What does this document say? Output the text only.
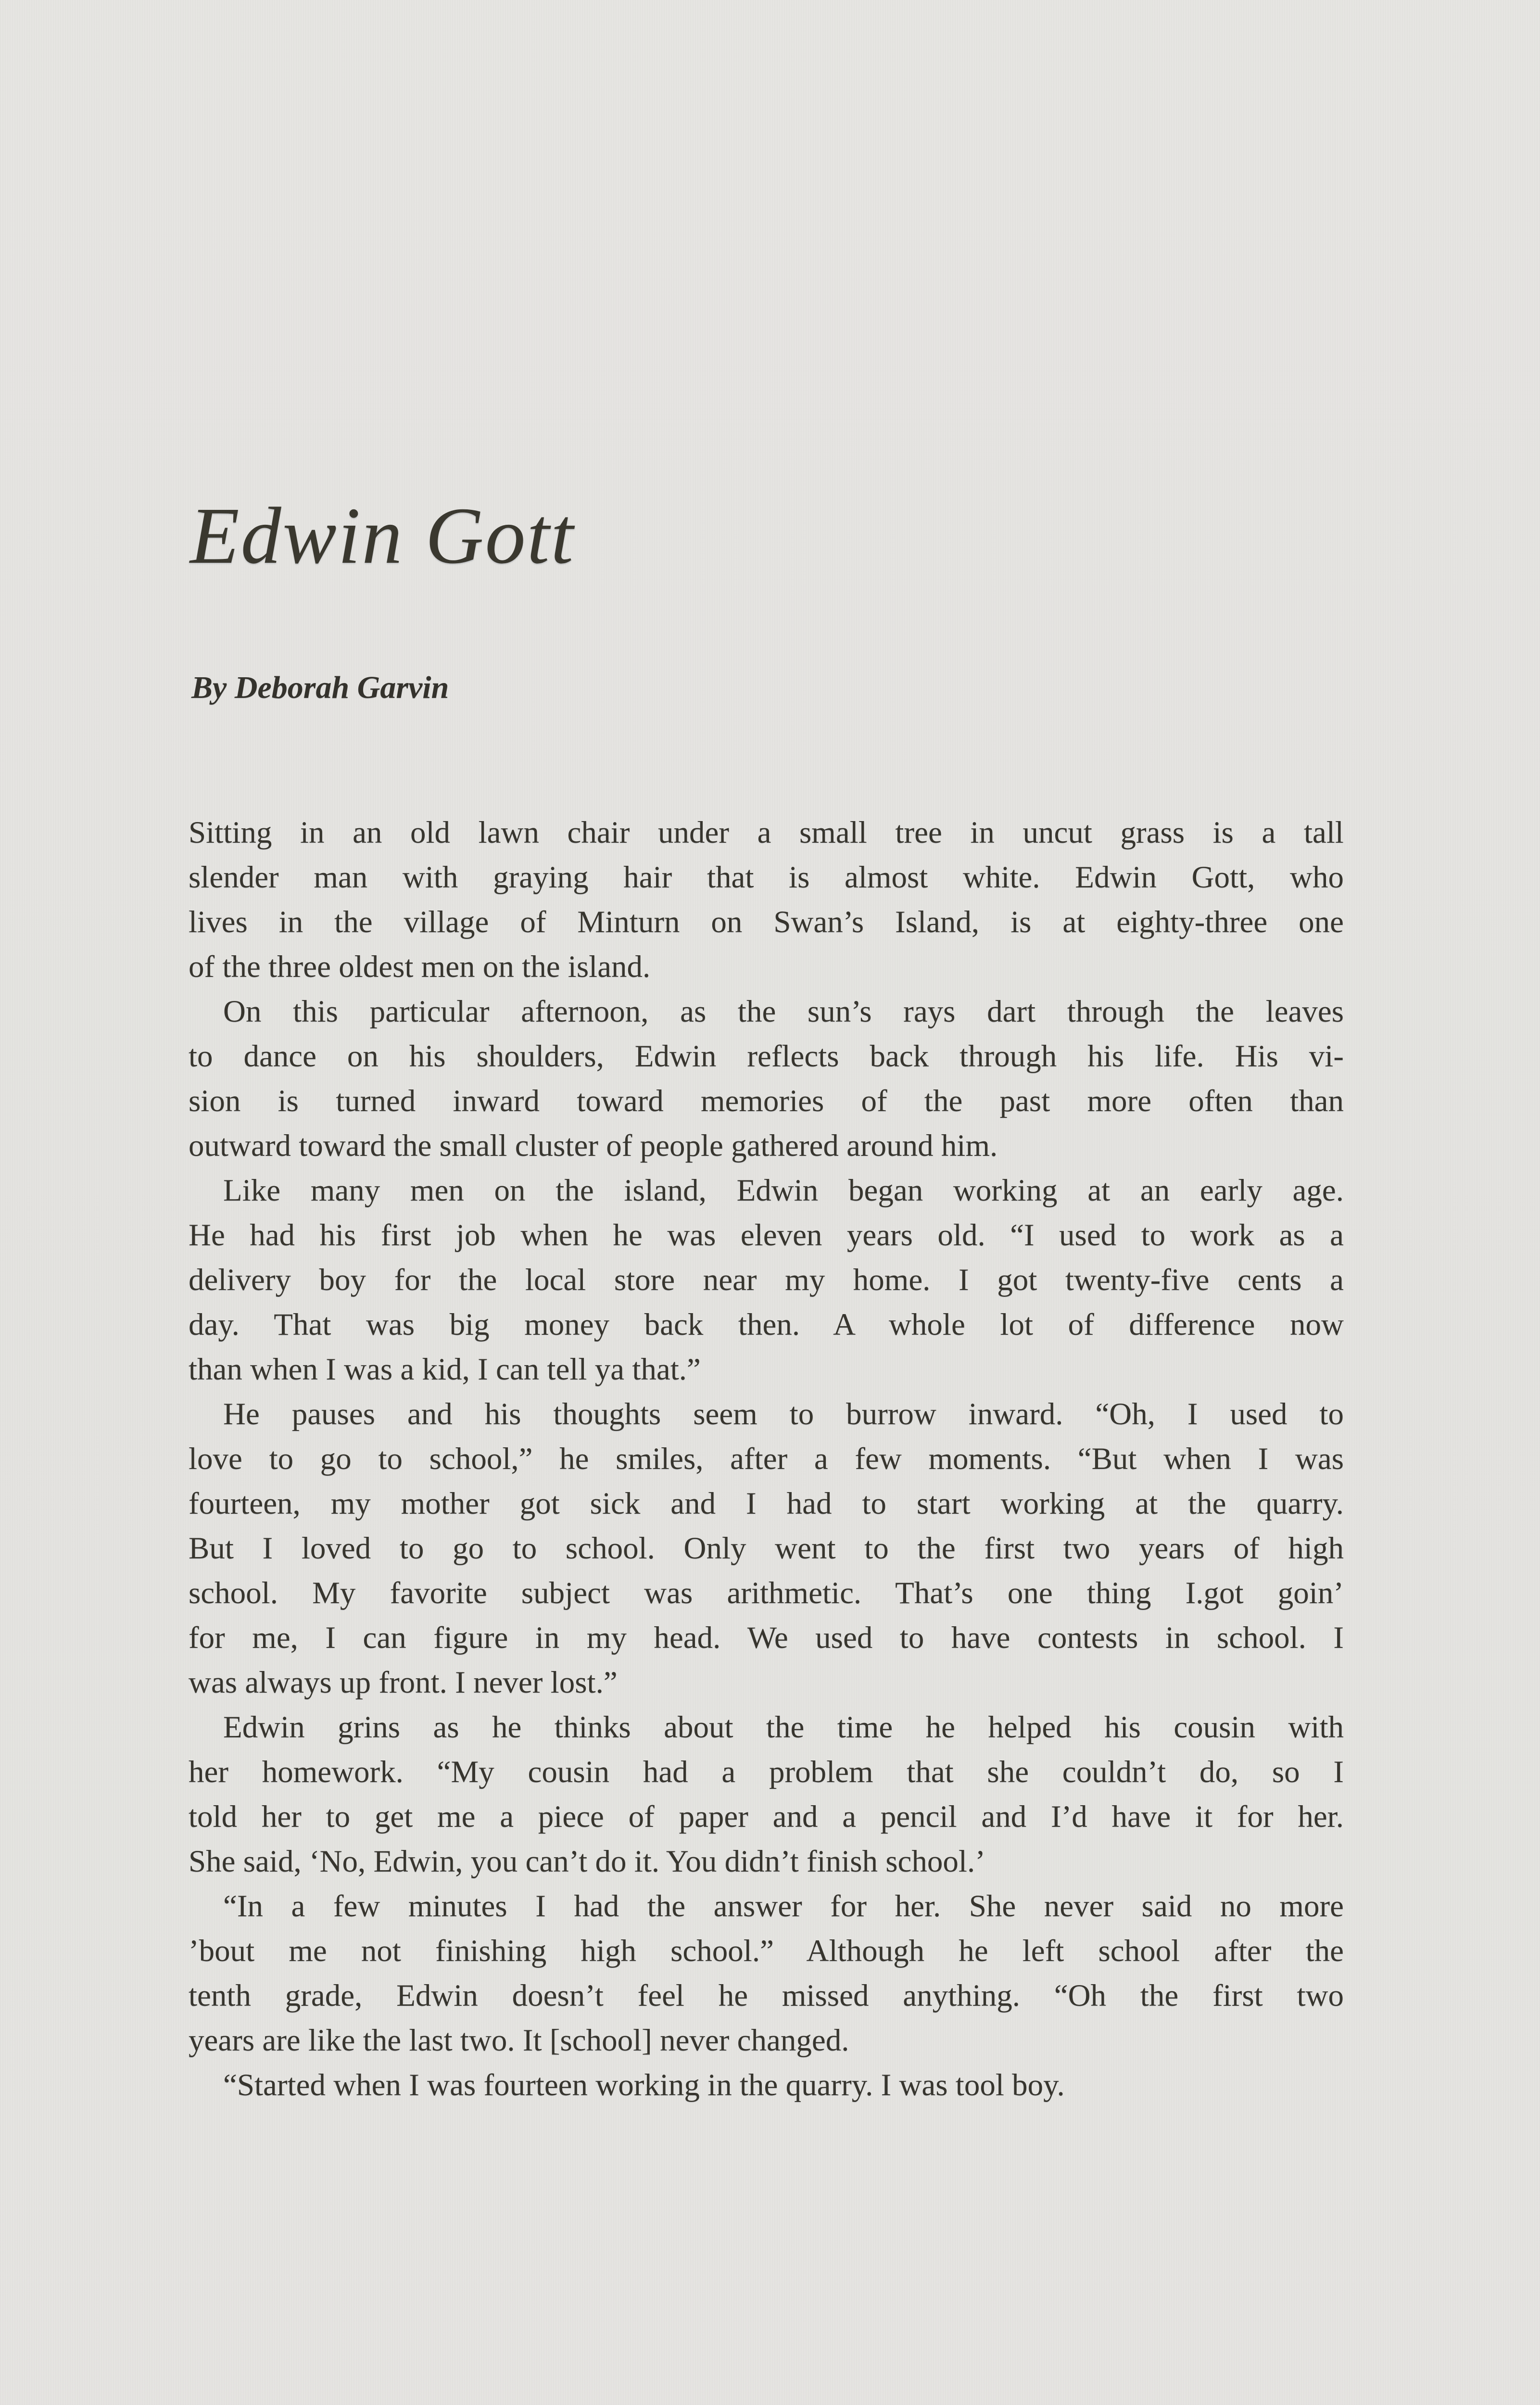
Edwin Gott
By Deborah Garvin
Sitting in an old lawn chair under a small tree in uncut grass is a tall
slender man with graying hair that is almost white. Edwin Gott, who
lives in the village of Minturn on Swan’s Island, is at eighty-three one
of the three oldest men on the island.
On this particular afternoon, as the sun’s rays dart through the leaves
to dance on his shoulders, Edwin reflects back through his life. His vi-
sion is turned inward toward memories of the past more often than
outward toward the small cluster of people gathered around him.
Like many men on the island, Edwin began working at an early age.
He had his first job when he was eleven years old. “I used to work as a
delivery boy for the local store near my home. I got twenty-five cents a
day. That was big money back then. A whole lot of difference now
than when I was a kid, I can tell ya that.”
He pauses and his thoughts seem to burrow inward. “Oh, I used to
love to go to school,” he smiles, after a few moments. “But when I was
fourteen, my mother got sick and I had to start working at the quarry.
But I loved to go to school. Only went to the first two years of high
school. My favorite subject was arithmetic. That’s one thing I.got goin’
for me, I can figure in my head. We used to have contests in school. I
was always up front. I never lost.”
Edwin grins as he thinks about the time he helped his cousin with
her homework. “My cousin had a problem that she couldn’t do, so I
told her to get me a piece of paper and a pencil and I’d have it for her.
She said, ‘No, Edwin, you can’t do it. You didn’t finish school.’
“In a few minutes I had the answer for her. She never said no more
’bout me not finishing high school.” Although he left school after the
tenth grade, Edwin doesn’t feel he missed anything. “Oh the first two
years are like the last two. It [school] never changed.
“Started when I was fourteen working in the quarry. I was tool boy.
